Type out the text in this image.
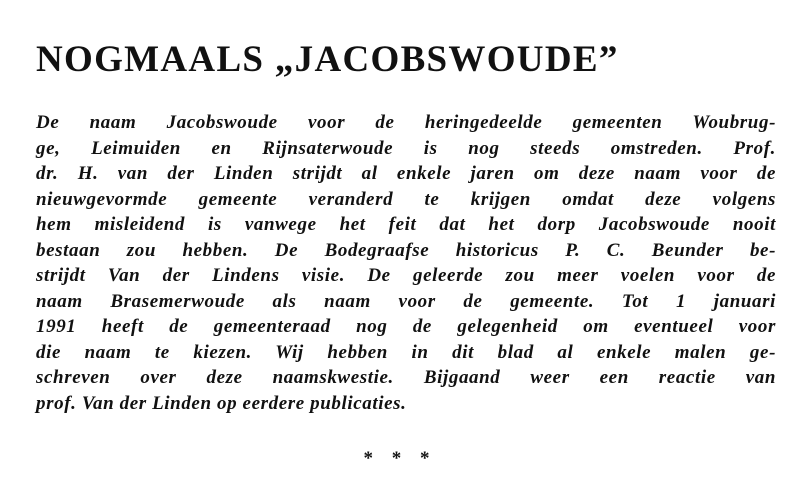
NOGMAALS „JACOBSWOUDE”
De naam Jacobswoude voor de heringedeelde gemeenten Woubrug-
ge, Leimuiden en Rijnsaterwoude is nog steeds omstreden. Prof.
dr. H. van der Linden strijdt al enkele jaren om deze naam voor de
nieuwgevormde gemeente veranderd te krijgen omdat deze volgens
hem misleidend is vanwege het feit dat het dorp Jacobswoude nooit
bestaan zou hebben. De Bodegraafse historicus P. C. Beunder be-
strijdt Van der Lindens visie. De geleerde zou meer voelen voor de
naam Brasemerwoude als naam voor de gemeente. Tot 1 januari
1991 heeft de gemeenteraad nog de gelegenheid om eventueel voor
die naam te kiezen. Wij hebben in dit blad al enkele malen ge-
schreven over deze naamskwestie. Bijgaand weer een reactie van
prof. Van der Linden op eerdere publicaties.
* * *
